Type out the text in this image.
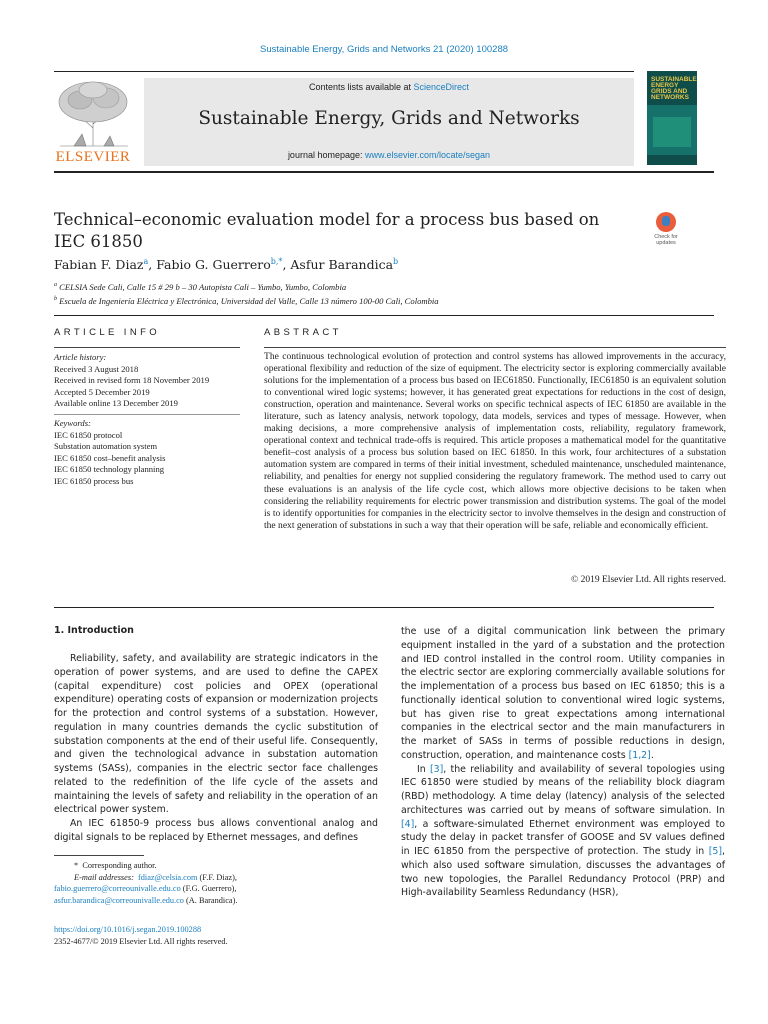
Sustainable Energy, Grids and Networks 21 (2020) 100288
ELSEVIER
Contents lists available at ScienceDirect
Sustainable Energy, Grids and Networks
journal homepage: www.elsevier.com/locate/segan
SUSTAINABLE ENERGY GRIDS AND NETWORKS
Technical–economic evaluation model for a process bus based on IEC 61850	Check for updates
Fabian F. Diaz$^a$, Fabio G. Guerrero$^{b,*}$, Asfur Barandica$^b$
$^a$ CELSIA Sede Cali, Calle 15 # 29 b – 30 Autopista Cali – Yumbo, Yumbo, Colombia
$^b$ Escuela de Ingeniería Eléctrica y Electrónica, Universidad del Valle, Calle 13 número 100-00 Cali, Colombia
ARTICLE INFO
Article history:
Received 3 August 2018
Received in revised form 18 November 2019
Accepted 5 December 2019
Available online 13 December 2019
Keywords:
IEC 61850 protocol
Substation automation system
IEC 61850 cost–benefit analysis
IEC 61850 technology planning
IEC 61850 process bus
ABSTRACT
The continuous technological evolution of protection and control systems has allowed improvements in the accuracy, operational flexibility and reduction of the size of equipment. The electricity sector is exploring commercially available solutions for the implementation of a process bus based on IEC61850. Functionally, IEC61850 is an equivalent solution to conventional wired logic systems; however, it has generated great expectations for reductions in the cost of design, construction, operation and maintenance. Several works on specific technical aspects of IEC 61850 are available in the literature, such as latency analysis, network topology, data models, services and types of message. However, when making decisions, a more comprehensive analysis of implementation costs, reliability, regulatory framework, operational context and technical trade-offs is required. This article proposes a mathematical model for the quantitative benefit–cost analysis of a process bus solution based on IEC 61850. In this work, four architectures of a substation automation system are compared in terms of their initial investment, scheduled maintenance, unscheduled maintenance, reliability, and penalties for energy not supplied considering the regulatory framework. The method used to carry out these evaluations is an analysis of the life cycle cost, which allows more objective decisions to be taken when considering the reliability requirements for electric power transmission and distribution systems. The goal of the model is to identify opportunities for companies in the electricity sector to involve themselves in the design and construction of the next generation of substations in such a way that their operation will be safe, reliable and economically efficient.
© 2019 Elsevier Ltd. All rights reserved.
1. Introduction

Reliability, safety, and availability are strategic indicators in the operation of power systems, and are used to define the CAPEX (capital expenditure) cost policies and OPEX (operational expenditure) operating costs of expansion or modernization projects for the protection and control systems of a substation. However, regulation in many countries demands the cyclic substitution of substation components at the end of their useful life. Consequently, and given the technological advance in substation automation systems (SASs), companies in the electric sector face challenges related to the redefinition of the life cycle of the assets and maintaining the levels of safety and reliability in the operation of an electrical power system.

An IEC 61850-9 process bus allows conventional analog and digital signals to be replaced by Ethernet messages, and defines

* Corresponding author.
E-mail addresses: fdiaz@celsia.com (F.F. Diaz),
fabio.guerrero@correounivalle.edu.co (F.G. Guerrero),
asfur.barandica@correounivalle.edu.co (A. Barandica).
https://doi.org/10.1016/j.segan.2019.100288
2352-4677/© 2019 Elsevier Ltd. All rights reserved.
the use of a digital communication link between the primary equipment installed in the yard of a substation and the protection and IED control installed in the control room. Utility companies in the electric sector are exploring commercially available solutions for the implementation of a process bus based on IEC 61850; this is a functionally identical solution to conventional wired logic systems, but has given rise to great expectations among international companies in the electrical sector and the main manufacturers in the market of SASs in terms of possible reductions in design, construction, operation, and maintenance costs [1,2].

In [3], the reliability and availability of several topologies using IEC 61850 were studied by means of the reliability block diagram (RBD) methodology. A time delay (latency) analysis of the selected architectures was carried out by means of software simulation. In [4], a software-simulated Ethernet environment was employed to study the delay in packet transfer of GOOSE and SV values defined in IEC 61850 from the perspective of protection. The study in [5], which also used software simulation, discusses the advantages of two new topologies, the Parallel Redundancy Protocol (PRP) and High-availability Seamless Redundancy (HSR),
